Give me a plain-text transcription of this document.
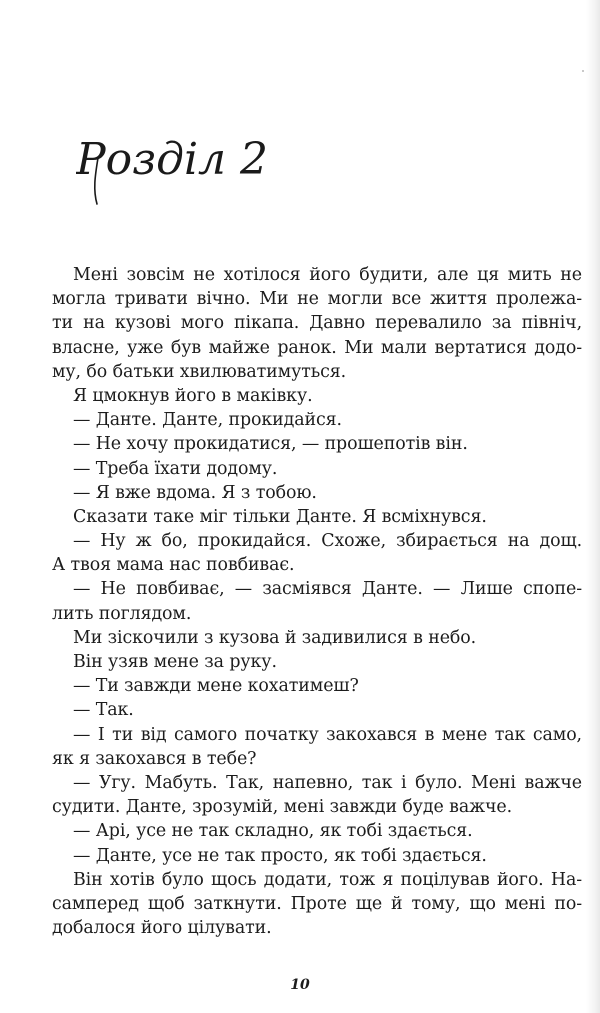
Розділ 2
Мені зовсім не хотілося його будити, але ця мить не
могла тривати вічно. Ми не могли все життя пролежа-
ти на кузові мого пікапа. Давно перевалило за північ,
власне, уже був майже ранок. Ми мали вертатися додо-
му, бо батьки хвилюватимуться.
Я цмокнув його в маківку.
— Данте. Данте, прокидайся.
— Не хочу прокидатися, — прошепотів він.
— Треба їхати додому.
— Я вже вдома. Я з тобою.
Сказати таке міг тільки Данте. Я всміхнувся.
— Ну ж бо, прокидайся. Схоже, збирається на дощ.
А твоя мама нас повбиває.
— Не повбиває, — засміявся Данте. — Лише спопе-
лить поглядом.
Ми зіскочили з кузова й задивилися в небо.
Він узяв мене за руку.
— Ти завжди мене кохатимеш?
— Так.
— І ти від самого початку закохався в мене так само,
як я закохався в тебе?
— Угу. Мабуть. Так, напевно, так і було. Мені важче
судити. Данте, зрозумій, мені завжди буде важче.
— Арі, усе не так складно, як тобі здається.
— Данте, усе не так просто, як тобі здається.
Він хотів було щось додати, тож я поцілував його. На-
самперед щоб заткнути. Проте ще й тому, що мені по-
добалося його цілувати.
10
